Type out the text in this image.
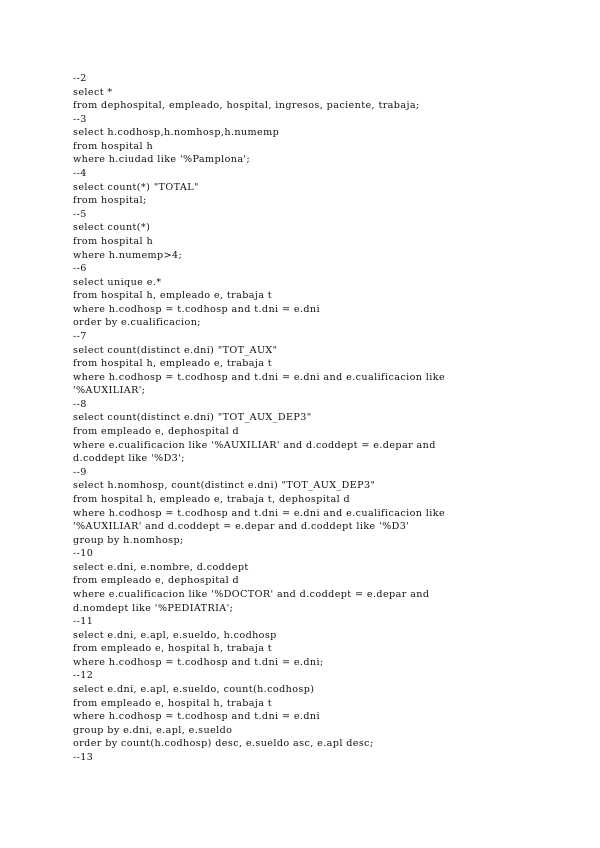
--2
select *
from dephospital, empleado, hospital, ingresos, paciente, trabaja;
--3
select h.codhosp,h.nomhosp,h.numemp
from hospital h
where h.ciudad like '%Pamplona';
--4
select count(*) "TOTAL"
from hospital;
--5
select count(*)
from hospital h
where h.numemp>4;
--6
select unique e.*
from hospital h, empleado e, trabaja t
where h.codhosp = t.codhosp and t.dni = e.dni
order by e.cualificacion;
--7
select count(distinct e.dni) "TOT_AUX"
from hospital h, empleado e, trabaja t
where h.codhosp = t.codhosp and t.dni = e.dni and e.cualificacion like
'%AUXILIAR';
--8
select count(distinct e.dni) "TOT_AUX_DEP3"
from empleado e, dephospital d
where e.cualificacion like '%AUXILIAR' and d.coddept = e.depar and
d.coddept like '%D3';
--9
select h.nomhosp, count(distinct e.dni) "TOT_AUX_DEP3"
from hospital h, empleado e, trabaja t, dephospital d
where h.codhosp = t.codhosp and t.dni = e.dni and e.cualificacion like
'%AUXILIAR' and d.coddept = e.depar and d.coddept like '%D3'
group by h.nomhosp;
--10
select e.dni, e.nombre, d.coddept
from empleado e, dephospital d
where e.cualificacion like '%DOCTOR' and d.coddept = e.depar and
d.nomdept like '%PEDIATRIA';
--11
select e.dni, e.apl, e.sueldo, h.codhosp
from empleado e, hospital h, trabaja t
where h.codhosp = t.codhosp and t.dni = e.dni;
--12
select e.dni, e.apl, e.sueldo, count(h.codhosp)
from empleado e, hospital h, trabaja t
where h.codhosp = t.codhosp and t.dni = e.dni
group by e.dni, e.apl, e.sueldo
order by count(h.codhosp) desc, e.sueldo asc, e.apl desc;
--13
